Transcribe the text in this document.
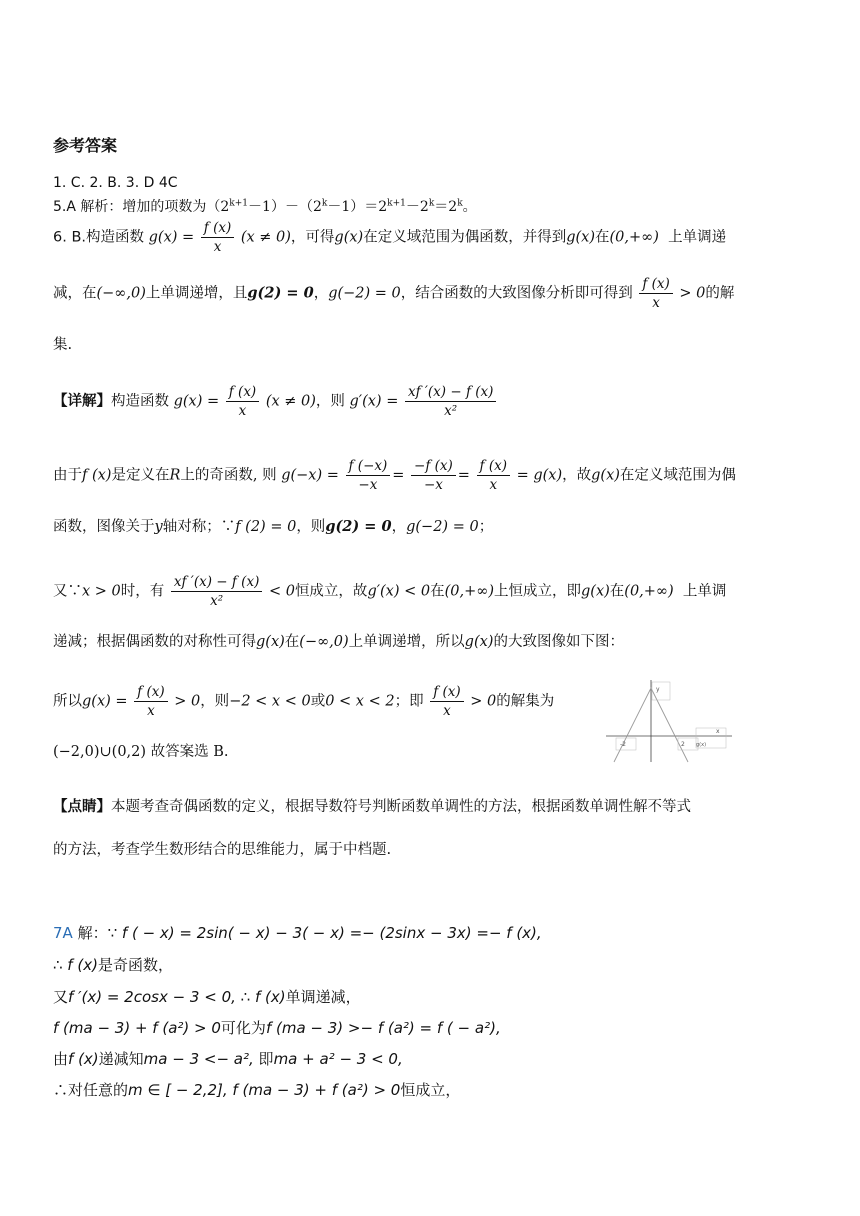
参考答案
1. C. 2. B. 3. D 4C
5.A 解析：增加的项数为$(2^{k+1}-1)-(2^k-1)=2^{k+1}-2^k=2^k$。
6. B.构造函数 $g(x) = \frac{f (x)}{x} (x \ne 0)$，可得g(x)在定义域范围为偶函数，并得到g(x)在(0,+∞) 上单调递
减，在(−∞,0)上单调递增，且g(2) = 0，g(−2) = 0，结合函数的大致图像分析即可得到 $\frac{f (x)}{x} > 0$的解
集.
【详解】构造函数 $g(x) = \frac{f (x)}{x} (x \ne 0)$，则 $g'(x) = \frac{xf '(x) - f (x)}{\text{x²}}$
由于f (x)是定义在R上的奇函数, 则 $g(-x) = \frac{f (-x)}{-x} = \frac{-f (x)}{-x} = \frac{f (x)}{x} = g(x)$，故g(x)在定义域范围为偶
函数，图像关于y轴对称；∵f (2) = 0，则g(2) = 0，g(−2) = 0；
又∵x > 0时，有 $\frac{xf '(x) - f (x)}{\text{x²}} < 0$恒成立，故g′(x) < 0在(0,+∞)上恒成立，即g(x)在(0,+∞) 上单调
递减；根据偶函数的对称性可得g(x)在(−∞,0)上单调递增，所以g(x)的大致图像如下图：
所以$g(x) = \frac{f (x)}{x} > 0$，则−2 < x < 0或0 < x < 2；即 $\frac{f (x)}{x} > 0$的解集为
(−2,0)∪(0,2) 故答案选 B.
y
x
-2	2 g(x)
【点睛】本题考查奇偶函数的定义，根据导数符号判断函数单调性的方法，根据函数单调性解不等式
的方法，考查学生数形结合的思维能力，属于中档题.
7A 解：∵ f ( − x) = 2sin( − x) − 3( − x) =− (2sinx − 3x) =− f (x),
∴ f (x)是奇函数，
又f ′(x) = 2cosx − 3 < 0, ∴ f (x)单调递减，
f (ma − 3) + f (a²) > 0可化为f (ma − 3) >− f (a²) = f ( − a²),
由f (x)递减知ma − 3 <− a², 即ma + a² − 3 < 0,
∴对任意的m ∈ [ − 2,2], f (ma − 3) + f (a²) > 0恒成立，
